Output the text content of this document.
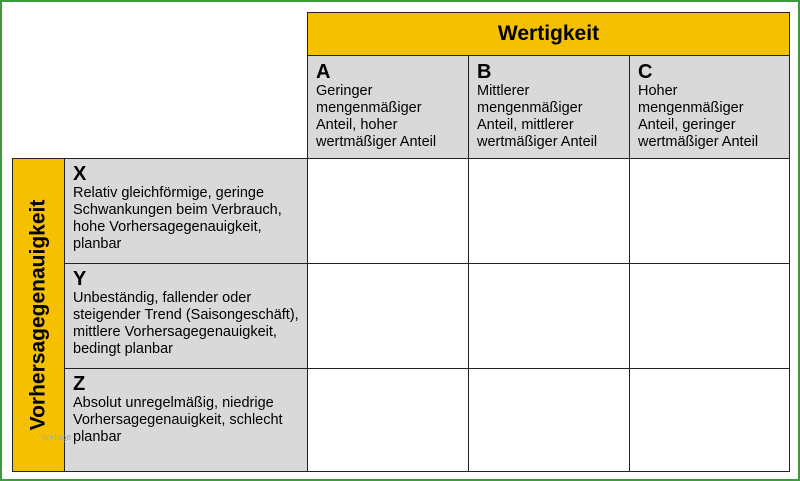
Wertigkeit
A
Geringer mengenmäßiger Anteil, hoher wertmäßiger Anteil
B
Mittlerer mengenmäßiger Anteil, mittlerer wertmäßiger Anteil
C
Hoher mengenmäßiger Anteil, geringer wertmäßiger Anteil
Vorhersagegenauigkeit
X
Relativ gleichförmige, geringe Schwankungen beim Verbrauch, hohe Vorhersagegenauigkeit, planbar
Y
Unbeständig, fallender oder steigender Trend (Saisongeschäft), mittlere Vorhersagegenauigkeit, bedingt planbar
Z
Absolut unregelmäßig, niedrige Vorhersagegenauigkeit, schlecht planbar
vorlage
